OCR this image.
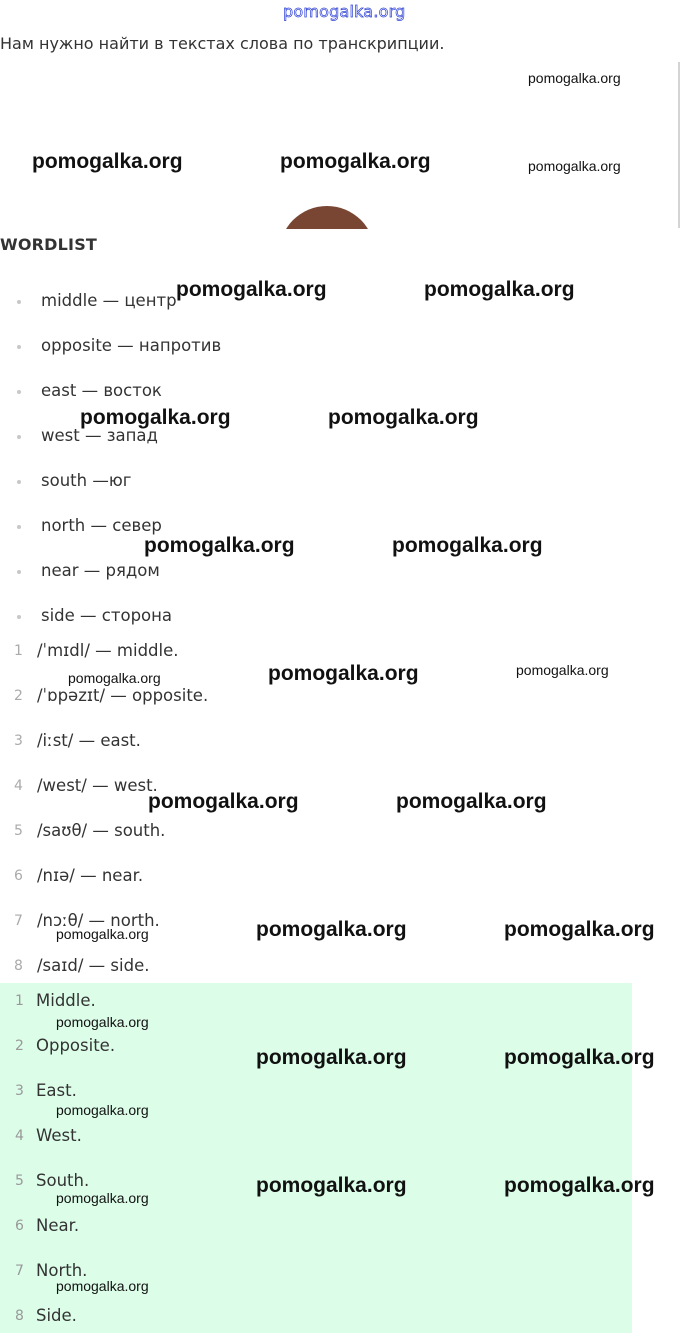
pomogalka.org
Нам нужно найти в текстах слова по транскрипции.
WORDLIST
middle — центр
opposite — напротив
east — восток
west — запад
south —юг
north — север
near — рядом
side — сторона
1 /ˈmɪdl/ — middle.
2 /ˈɒpəzɪt/ — opposite.
3 /iːst/ — east.
4 /west/ — west.
5 /saʊθ/ — south.
6 /nɪə/ — near.
7 /nɔːθ/ — north.
8 /saɪd/ — side.
1 Middle.
2 Opposite.
3 East.
4 West.
5 South.
6 Near.
7 North.
8 Side.
pomogalka.org
pomogalka.org	pomogalka.org	pomogalka.org
pomogalka.org	pomogalka.org
pomogalka.org	pomogalka.org
pomogalka.org	pomogalka.org
pomogalka.org	pomogalka.org	pomogalka.org
pomogalka.org	pomogalka.org
pomogalka.org	pomogalka.org	pomogalka.org
pomogalka.org
pomogalka.org	pomogalka.org
pomogalka.org
pomogalka.org
pomogalka.org	pomogalka.org
pomogalka.org
